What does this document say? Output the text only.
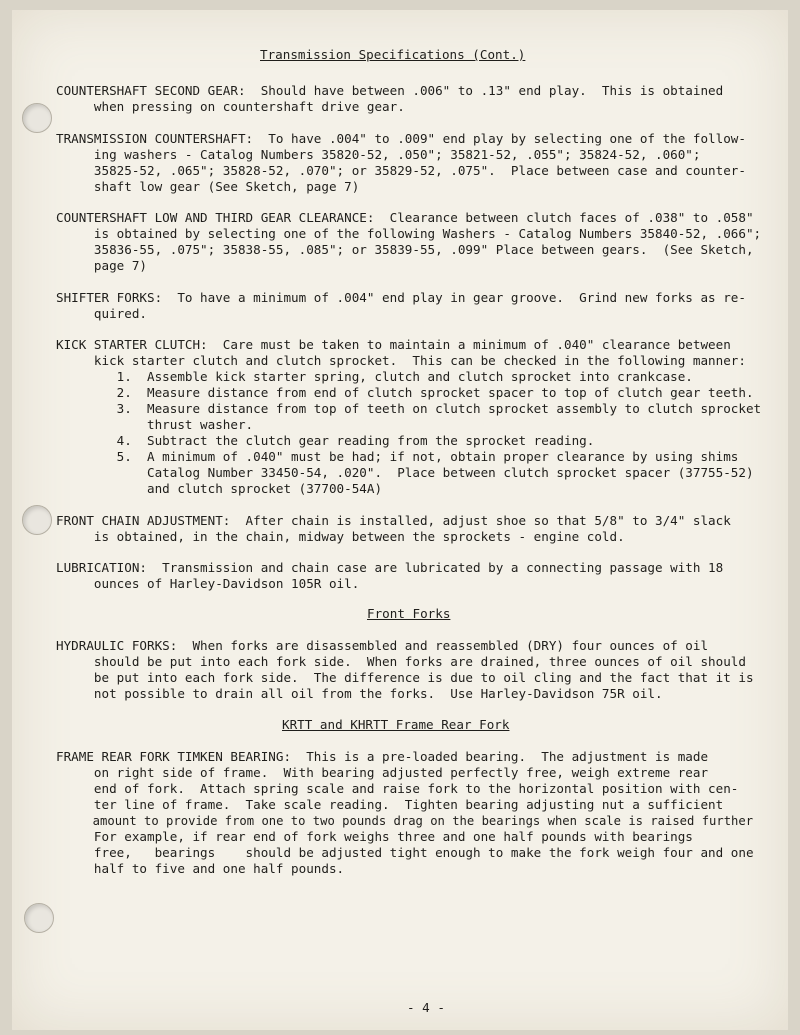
Transmission Specifications (Cont.)
COUNTERSHAFT SECOND GEAR:  Should have between .006" to .13" end play.  This is obtained
when pressing on countershaft drive gear.
TRANSMISSION COUNTERSHAFT:  To have .004" to .009" end play by selecting one of the follow-
ing washers - Catalog Numbers 35820-52, .050"; 35821-52, .055"; 35824-52, .060";
35825-52, .065"; 35828-52, .070"; or 35829-52, .075".  Place between case and counter-
shaft low gear (See Sketch, page 7)
COUNTERSHAFT LOW AND THIRD GEAR CLEARANCE:  Clearance between clutch faces of .038" to .058"
is obtained by selecting one of the following Washers - Catalog Numbers 35840-52, .066";
35836-55, .075"; 35838-55, .085"; or 35839-55, .099" Place between gears.  (See Sketch,
page 7)
SHIFTER FORKS:  To have a minimum of .004" end play in gear groove.  Grind new forks as re-
quired.
KICK STARTER CLUTCH:  Care must be taken to maintain a minimum of .040" clearance between
kick starter clutch and clutch sprocket.  This can be checked in the following manner:
1.  Assemble kick starter spring, clutch and clutch sprocket into crankcase.
2.  Measure distance from end of clutch sprocket spacer to top of clutch gear teeth.
3.  Measure distance from top of teeth on clutch sprocket assembly to clutch sprocket
thrust washer.
4.  Subtract the clutch gear reading from the sprocket reading.
5.  A minimum of .040" must be had; if not, obtain proper clearance by using shims
Catalog Number 33450-54, .020".  Place between clutch sprocket spacer (37755-52)
and clutch sprocket (37700-54A)
FRONT CHAIN ADJUSTMENT:  After chain is installed, adjust shoe so that 5/8" to 3/4" slack
is obtained, in the chain, midway between the sprockets - engine cold.
LUBRICATION:  Transmission and chain case are lubricated by a connecting passage with 18
ounces of Harley-Davidson 105R oil.
Front Forks
HYDRAULIC FORKS:  When forks are disassembled and reassembled (DRY) four ounces of oil
should be put into each fork side.  When forks are drained, three ounces of oil should
be put into each fork side.  The difference is due to oil cling and the fact that it is
not possible to drain all oil from the forks.  Use Harley-Davidson 75R oil.
KRTT and KHRTT Frame Rear Fork
FRAME REAR FORK TIMKEN BEARING:  This is a pre-loaded bearing.  The adjustment is made
on right side of frame.  With bearing adjusted perfectly free, weigh extreme rear
end of fork.  Attach spring scale and raise fork to the horizontal position with cen-
ter line of frame.  Take scale reading.  Tighten bearing adjusting nut a sufficient
amount to provide from one to two pounds drag on the bearings when scale is raised further
For example, if rear end of fork weighs three and one half pounds with bearings
free,   bearings    should be adjusted tight enough to make the fork weigh four and one
half to five and one half pounds.
- 4 -
